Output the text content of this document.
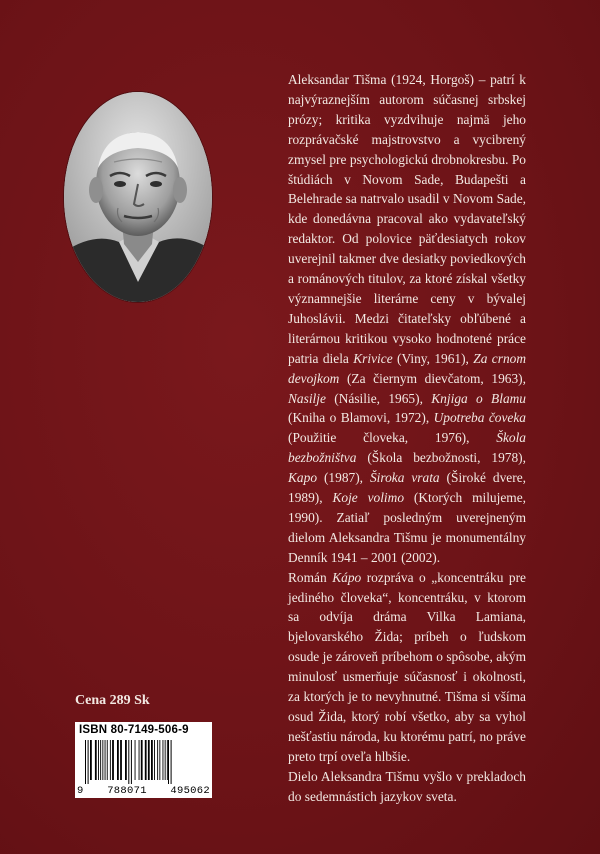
Aleksandar Tišma (1924, Horgoš) – patrí k najvýraznejším autorom súčasnej srbskej prózy; kritika vyzdvihuje najmä jeho rozprávačské majstrovstvo a vycibrený zmysel pre psychologickú drobnokresbu. Po štúdiách v Novom Sade, Budapešti a Belehrade sa natrvalo usadil v Novom Sade, kde donedávna pracoval ako vydavateľský redaktor. Od polovice päťdesiatych rokov uverejnil takmer dve desiatky poviedkových a románových titulov, za ktoré získal všetky významnejšie literárne ceny v bývalej Juhoslávii. Medzi čitateľsky obľúbené a literárnou kritikou vysoko hodnotené práce patria diela Krivice (Viny, 1961), Za crnom devojkom (Za čiernym dievčatom, 1963), Nasilje (Násilie, 1965), Knjiga o Blamu (Kniha o Blamovi, 1972), Upotreba čoveka (Použitie človeka, 1976), Škola bezbožništva (Škola bezbožnosti, 1978), Kapo (1987), Široka vrata (Široké dvere, 1989), Koje volimo (Ktorých milujeme, 1990). Zatiaľ posledným uverejneným dielom Aleksandra Tišmu je monumentálny Denník 1941 – 2001 (2002).

Román Kápo rozpráva o „koncentráku pre jediného človeka“, koncentráku, v ktorom sa odvíja dráma Vilka Lamiana, bjelovarského Žida; príbeh o ľudskom osude je zároveň príbehom o spôsobe, akým minulosť usmerňuje súčasnosť i okolnosti, za ktorých je to nevyhnutné. Tišma si všíma osud Žida, ktorý robí všetko, aby sa vyhol nešťastiu národa, ku ktorému patrí, no práve preto trpí oveľa hlbšie.

Dielo Aleksandra Tišmu vyšlo v prekladoch do sedemnástich jazykov sveta.

Cena 289 Sk
ISBN 80-7149-506-9
9 788071 495062
